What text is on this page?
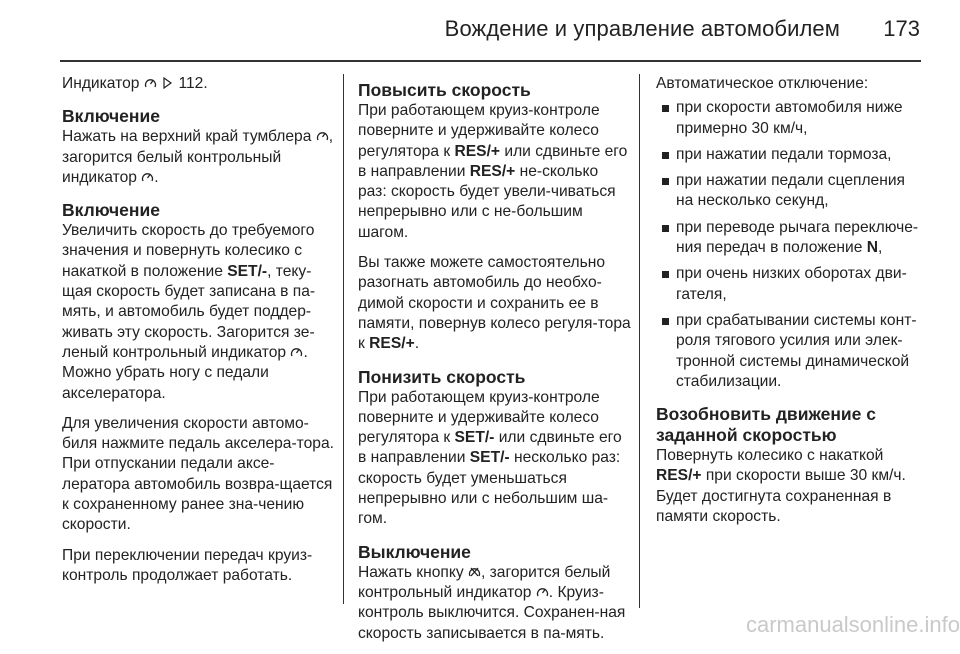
Вождение и управление автомобилем	173

Индикатор	112.

Включение

Нажать на верхний край тумблера , загорится белый контрольный индикатор .

Включение

Увеличить скорость до требуемого значения и повернуть колесико с накаткой в положение SET/-, теку-щая скорость будет записана в па-мять, и автомобиль будет поддер-живать эту скорость. Загорится зе-леный контрольный индикатор . Можно убрать ногу с педали акселератора.

Для увеличения скорости автомо-биля нажмите педаль акселера-тора. При отпускании педали аксе-лератора автомобиль возвра-щается к сохраненному ранее зна-чению скорости.

При переключении передач круиз-контроль продолжает работать.

Повысить скорость

При работающем круиз-контроле поверните и удерживайте колесо регулятора к RES/+ или сдвиньте его в направлении RES/+ не-сколько раз: скорость будет увели-чиваться непрерывно или с не-большим шагом.

Вы также можете самостоятельно разогнать автомобиль до необхо-димой скорости и сохранить ее в памяти, повернув колесо регуля-тора к RES/+.

Понизить скорость

При работающем круиз-контроле поверните и удерживайте колесо регулятора к SET/- или сдвиньте его в направлении SET/- несколько раз: скорость будет уменьшаться непрерывно или с небольшим ша-гом.

Выключение

Нажать кнопку , загорится белый контрольный индикатор . Круиз-контроль выключится. Сохранен-ная скорость записывается в па-мять.

Автоматическое отключение:

при скорости автомобиля ниже примерно 30 км/ч,
при нажатии педали тормоза,
при нажатии педали сцепления на несколько секунд,
при переводе рычага переключе-ния передач в положение N,
при очень низких оборотах дви-гателя,
при срабатывании системы конт-роля тягового усилия или элек-тронной системы динамической стабилизации.
Возобновить движение с заданной скоростью

Повернуть колесико с накаткой RES/+ при скорости выше 30 км/ч. Будет достигнута сохраненная в памяти скорость.

carmanualsonline.info
